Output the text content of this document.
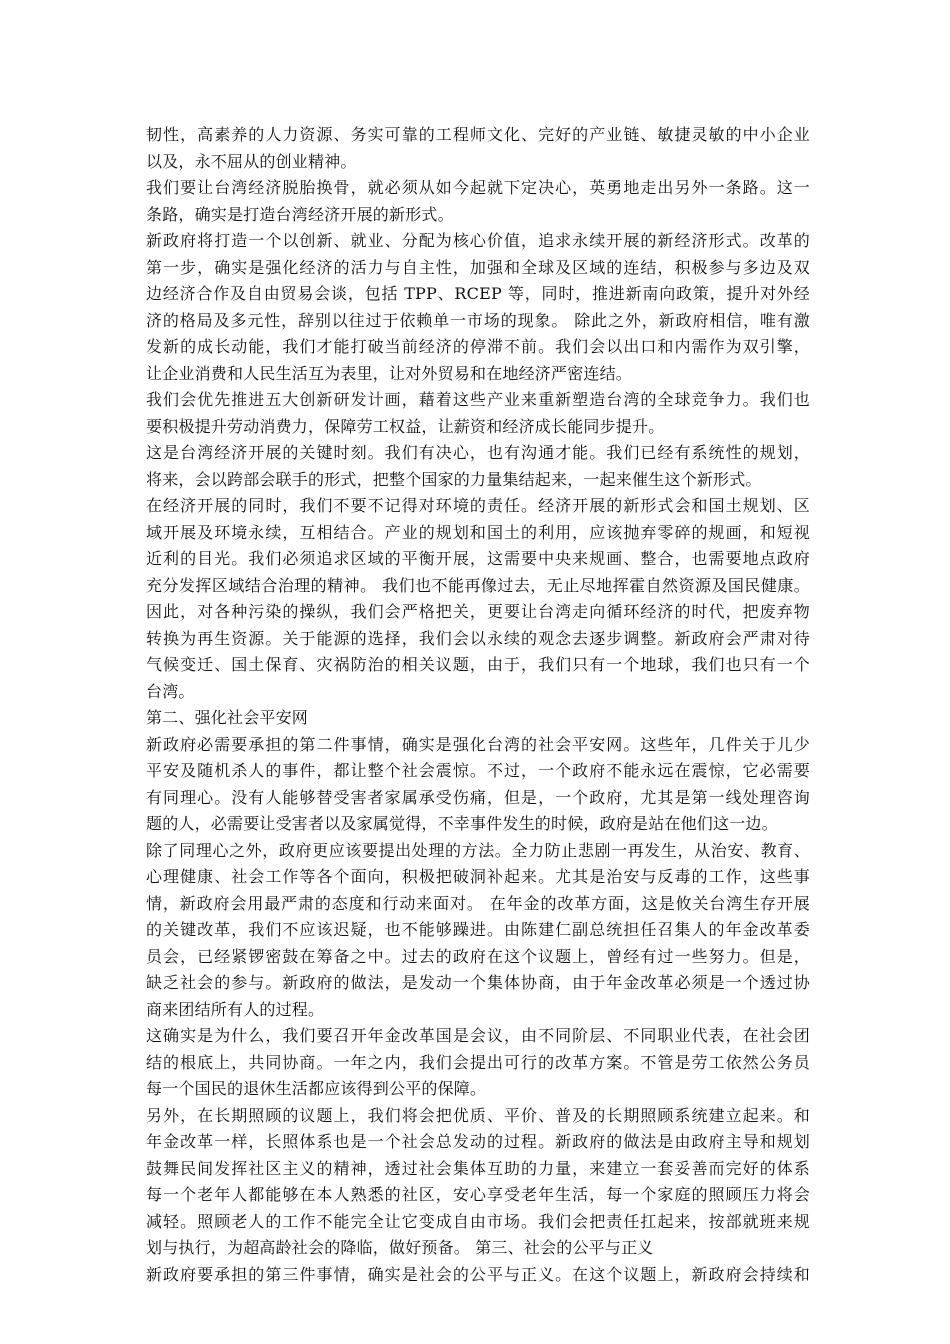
韧性，高素养的人力资源、务实可靠的工程师文化、完好的产业链、敏捷灵敏的中小企业
以及，永不屈从的创业精神。
我们要让台湾经济脱胎换骨，就必须从如今起就下定决心，英勇地走出另外一条路。这一
条路，确实是打造台湾经济开展的新形式。
新政府将打造一个以创新、就业、分配为核心价值，追求永续开展的新经济形式。改革的
第一步，确实是强化经济的活力与自主性，加强和全球及区域的连结，积极参与多边及双
边经济合作及自由贸易会谈，包括 TPP、RCEP 等，同时，推进新南向政策，提升对外经
济的格局及多元性，辞别以往过于依赖单一市场的现象。 除此之外，新政府相信，唯有激
发新的成长动能，我们才能打破当前经济的停滞不前。我们会以出口和内需作为双引擎，
让企业消费和人民生活互为表里，让对外贸易和在地经济严密连结。
我们会优先推进五大创新研发计画，藉着这些产业来重新塑造台湾的全球竞争力。我们也
要积极提升劳动消费力，保障劳工权益，让薪资和经济成长能同步提升。
这是台湾经济开展的关键时刻。我们有决心，也有沟通才能。我们已经有系统性的规划，
将来，会以跨部会联手的形式，把整个国家的力量集结起来，一起来催生这个新形式。
在经济开展的同时，我们不要不记得对环境的责任。经济开展的新形式会和国土规划、区
域开展及环境永续，互相结合。产业的规划和国土的利用，应该抛弃零碎的规画，和短视
近利的目光。我们必须追求区域的平衡开展，这需要中央来规画、整合，也需要地点政府
充分发挥区域结合治理的精神。 我们也不能再像过去，无止尽地挥霍自然资源及国民健康。
因此，对各种污染的操纵，我们会严格把关，更要让台湾走向循环经济的时代，把废弃物
转换为再生资源。关于能源的选择，我们会以永续的观念去逐步调整。新政府会严肃对待
气候变迁、国土保育、灾祸防治的相关议题，由于，我们只有一个地球，我们也只有一个
台湾。
第二、强化社会平安网
新政府必需要承担的第二件事情，确实是强化台湾的社会平安网。这些年，几件关于儿少
平安及随机杀人的事件，都让整个社会震惊。不过，一个政府不能永远在震惊，它必需要
有同理心。没有人能够替受害者家属承受伤痛，但是，一个政府，尤其是第一线处理咨询
题的人，必需要让受害者以及家属觉得，不幸事件发生的时候，政府是站在他们这一边。
除了同理心之外，政府更应该要提出处理的方法。全力防止悲剧一再发生，从治安、教育、
心理健康、社会工作等各个面向，积极把破洞补起来。尤其是治安与反毒的工作，这些事
情，新政府会用最严肃的态度和行动来面对。 在年金的改革方面，这是攸关台湾生存开展
的关键改革，我们不应该迟疑，也不能够躁进。由陈建仁副总统担任召集人的年金改革委
员会，已经紧锣密鼓在筹备之中。过去的政府在这个议题上，曾经有过一些努力。但是，
缺乏社会的参与。新政府的做法，是发动一个集体协商，由于年金改革必须是一个透过协
商来团结所有人的过程。
这确实是为什么，我们要召开年金改革国是会议，由不同阶层、不同职业代表，在社会团
结的根底上，共同协商。一年之内，我们会提出可行的改革方案。不管是劳工依然公务员
每一个国民的退休生活都应该得到公平的保障。
另外，在长期照顾的议题上，我们将会把优质、平价、普及的长期照顾系统建立起来。和
年金改革一样，长照体系也是一个社会总发动的过程。新政府的做法是由政府主导和规划
鼓舞民间发挥社区主义的精神，透过社会集体互助的力量，来建立一套妥善而完好的体系
每一个老年人都能够在本人熟悉的社区，安心享受老年生活，每一个家庭的照顾压力将会
减轻。照顾老人的工作不能完全让它变成自由市场。我们会把责任扛起来，按部就班来规
划与执行，为超高龄社会的降临，做好预备。 第三、社会的公平与正义
新政府要承担的第三件事情，确实是社会的公平与正义。在这个议题上，新政府会持续和
